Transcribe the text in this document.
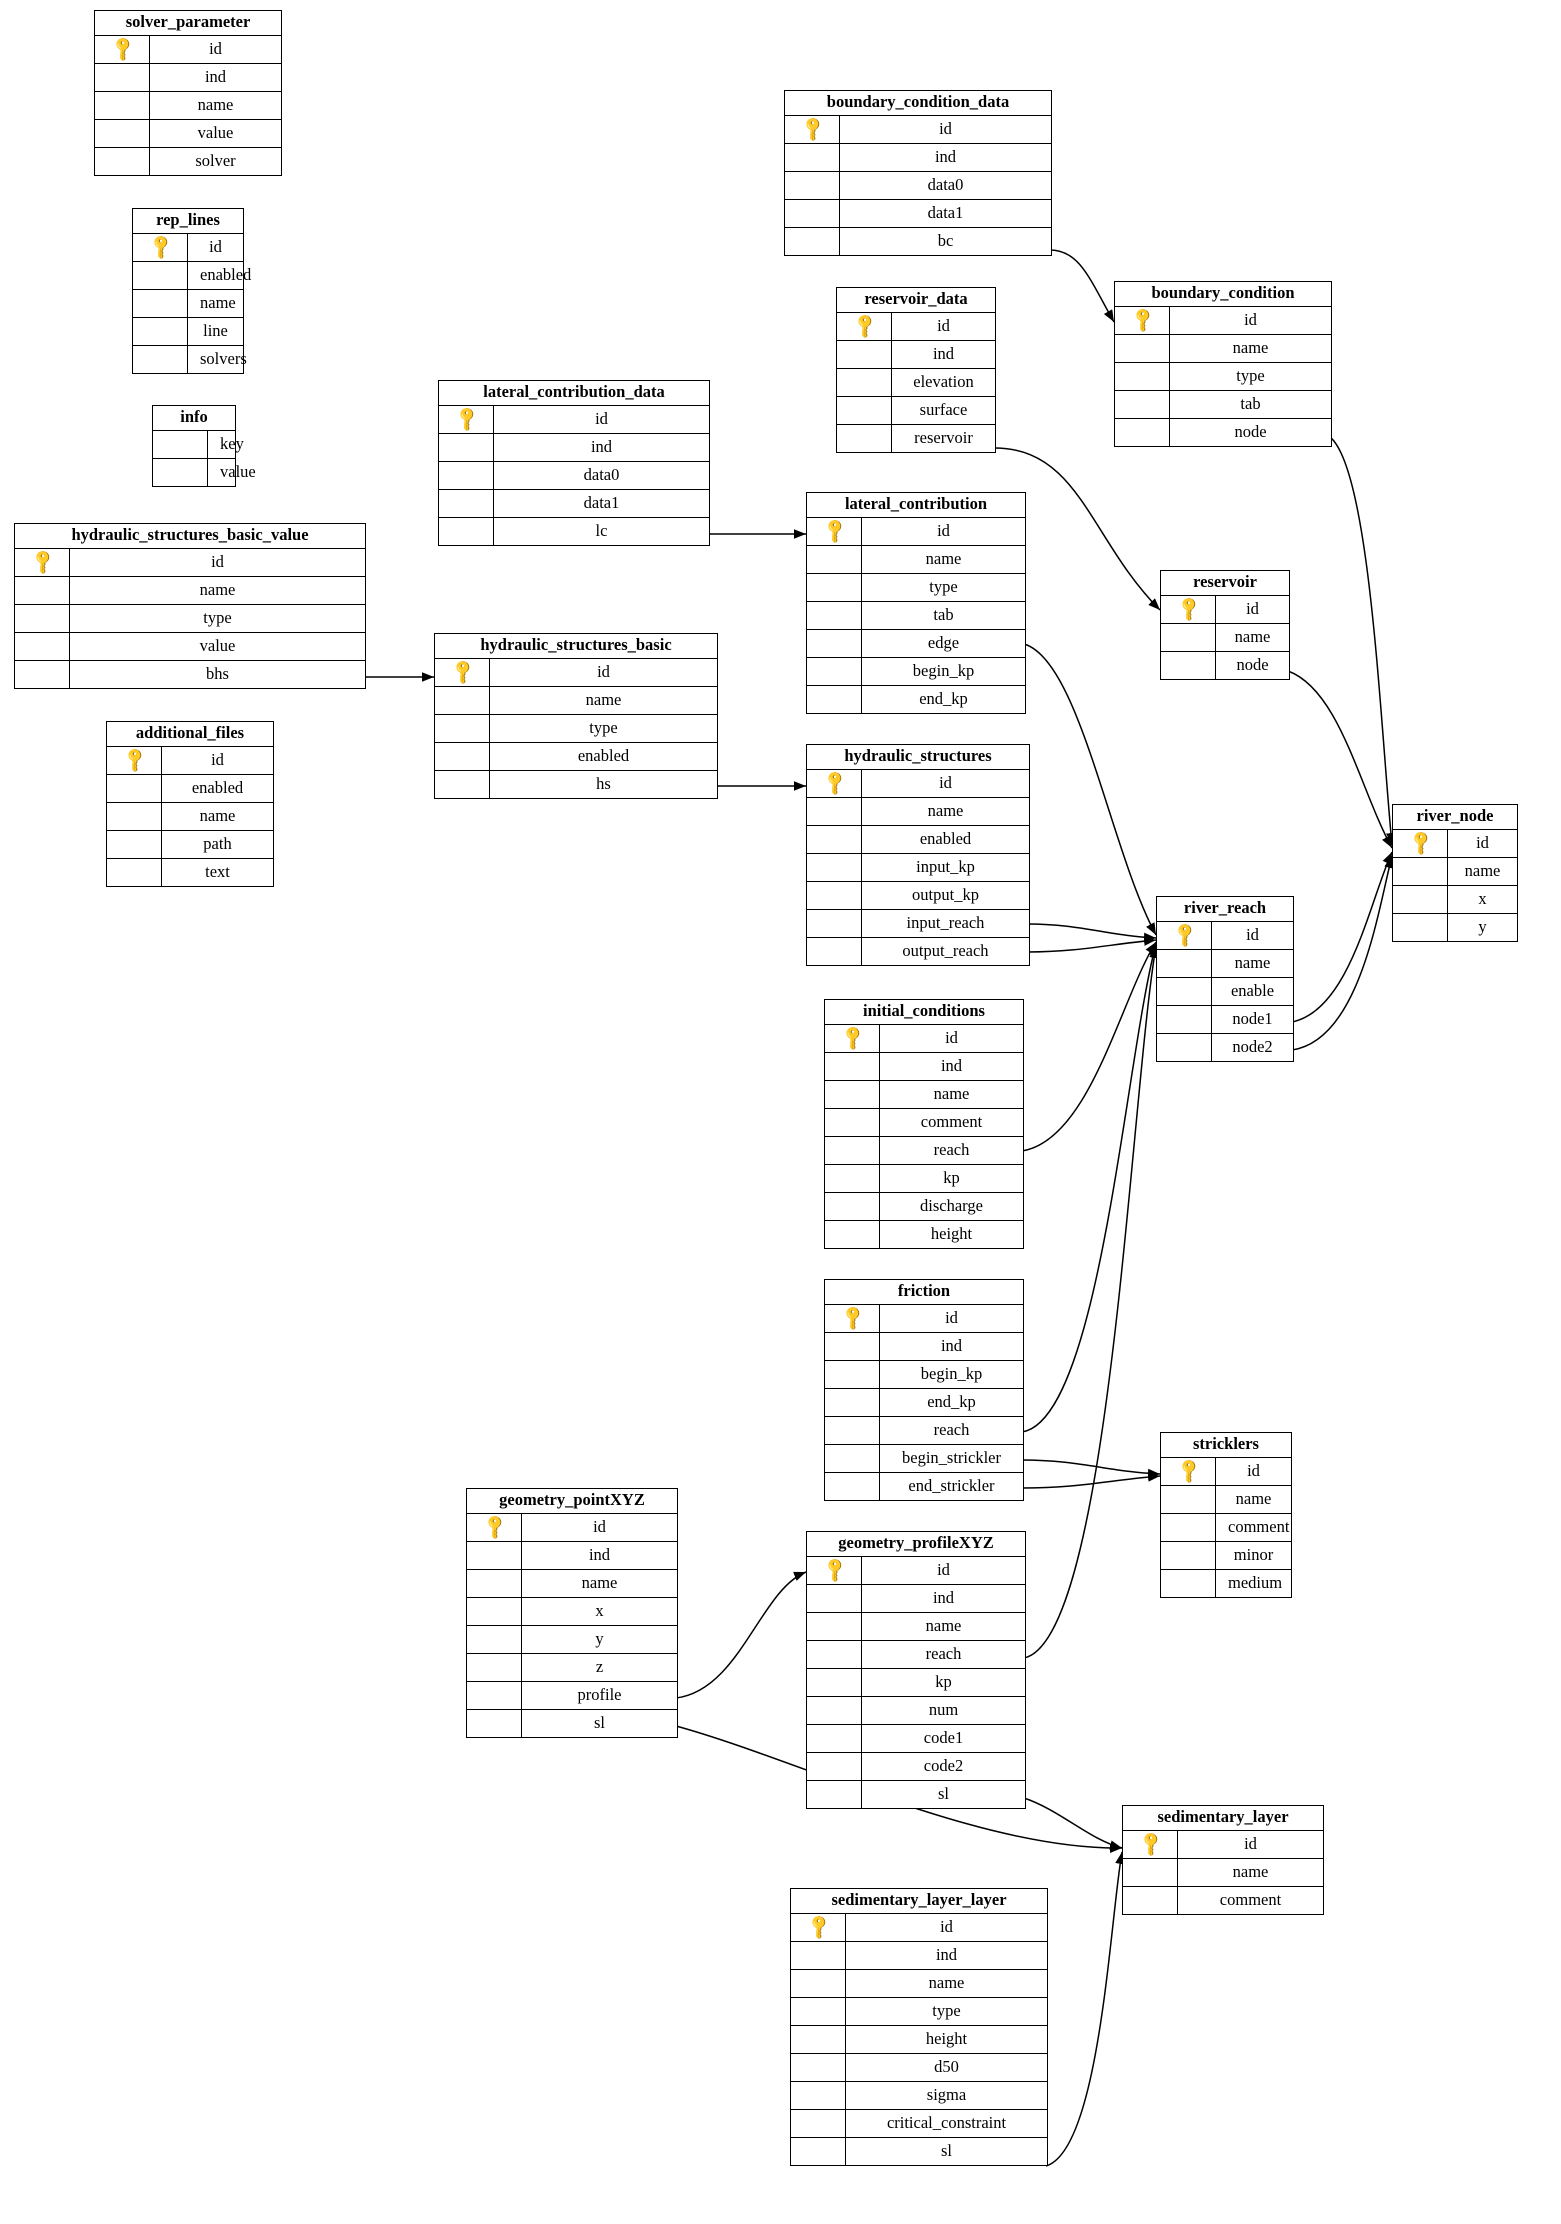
solver_parameter
🔑	id
ind
name
value
solver
rep_lines
🔑	id
enabled
name
line
solvers
info
key
value
hydraulic_structures_basic_value
🔑	id
name
type
value
bhs
additional_files
🔑	id
enabled
name
path
text
lateral_contribution_data
🔑	id
ind
data0
data1
lc
hydraulic_structures_basic
🔑	id
name
type
enabled
hs
boundary_condition_data
🔑	id
ind
data0
data1
bc
reservoir_data
🔑	id
ind
elevation
surface
reservoir
boundary_condition
🔑	id
name
type
tab
node
lateral_contribution
🔑	id
name
type
tab
edge
begin_kp
end_kp
reservoir
🔑	id
name
node
hydraulic_structures
🔑	id
name
enabled
input_kp
output_kp
input_reach
output_reach
river_node
🔑	id
name
x
y
river_reach
🔑	id
name
enable
node1
node2
initial_conditions
🔑	id
ind
name
comment
reach
kp
discharge
height
friction
🔑	id
ind
begin_kp
end_kp
reach
begin_strickler
end_strickler
stricklers
🔑	id
name
comment
minor
medium
geometry_pointXYZ
🔑	id
ind
name
x
y
z
profile
sl
geometry_profileXYZ
🔑	id
ind
name
reach
kp
num
code1
code2
sl
sedimentary_layer
🔑	id
name
comment
sedimentary_layer_layer
🔑	id
ind
name
type
height
d50
sigma
critical_constraint
sl
